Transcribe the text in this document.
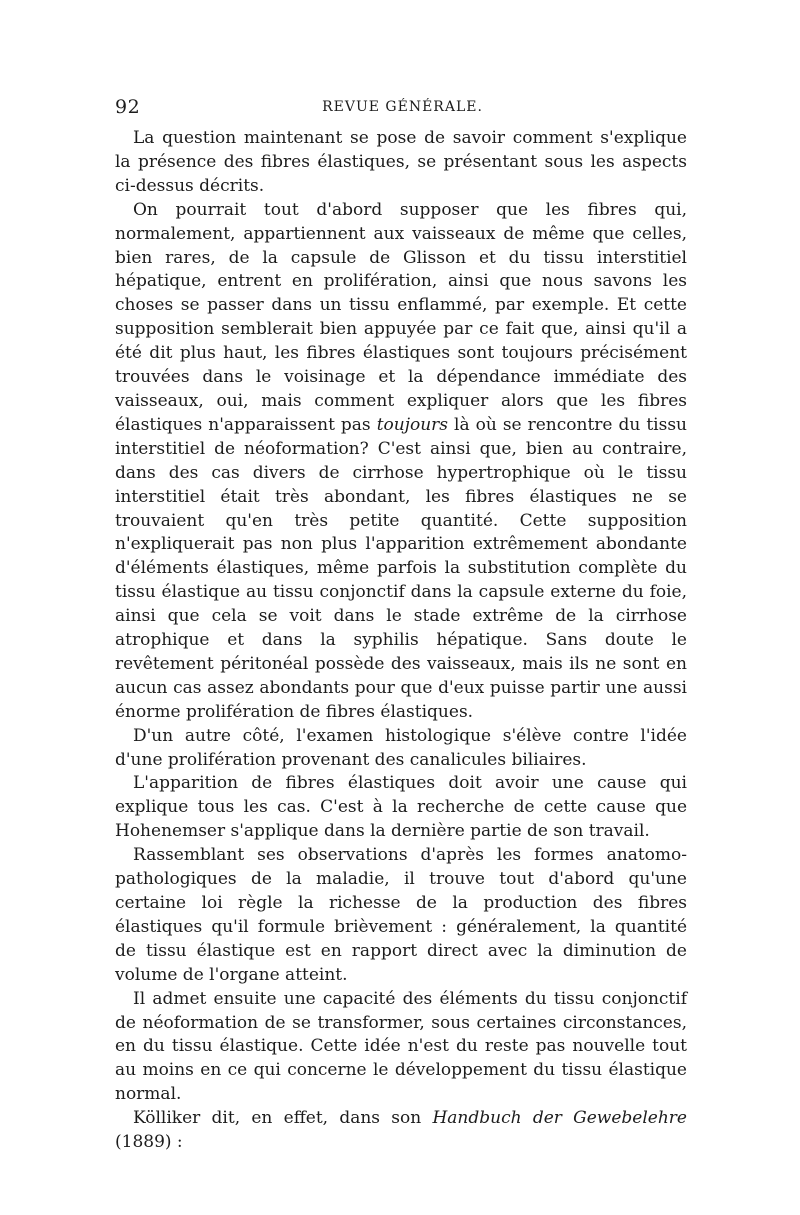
92	REVUE GÉNÉRALE.

La question maintenant se pose de savoir comment s'explique la présence des fibres élastiques, se présentant sous les aspects ci-dessus décrits.

On pourrait tout d'abord supposer que les fibres qui, normalement, appartiennent aux vaisseaux de même que celles, bien rares, de la capsule de Glisson et du tissu interstitiel hépatique, entrent en prolifération, ainsi que nous savons les choses se passer dans un tissu enflammé, par exemple. Et cette supposition semblerait bien appuyée par ce fait que, ainsi qu'il a été dit plus haut, les fibres élastiques sont toujours précisément trouvées dans le voisinage et la dépendance immédiate des vaisseaux, oui, mais comment expliquer alors que les fibres élastiques n'apparaissent pas toujours là où se rencontre du tissu interstitiel de néoformation? C'est ainsi que, bien au contraire, dans des cas divers de cirrhose hypertrophique où le tissu interstitiel était très abondant, les fibres élastiques ne se trouvaient qu'en très petite quantité. Cette supposition n'expliquerait pas non plus l'apparition extrêmement abondante d'éléments élastiques, même parfois la substitution complète du tissu élastique au tissu conjonctif dans la capsule externe du foie, ainsi que cela se voit dans le stade extrême de la cirrhose atrophique et dans la syphilis hépatique. Sans doute le revêtement péritonéal possède des vaisseaux, mais ils ne sont en aucun cas assez abondants pour que d'eux puisse partir une aussi énorme prolifération de fibres élastiques.

D'un autre côté, l'examen histologique s'élève contre l'idée d'une prolifération provenant des canalicules biliaires.

L'apparition de fibres élastiques doit avoir une cause qui explique tous les cas. C'est à la recherche de cette cause que Hohenemser s'applique dans la dernière partie de son travail.

Rassemblant ses observations d'après les formes anatomo-pathologiques de la maladie, il trouve tout d'abord qu'une certaine loi règle la richesse de la production des fibres élastiques qu'il formule brièvement : généralement, la quantité de tissu élastique est en rapport direct avec la diminution de volume de l'organe atteint.

Il admet ensuite une capacité des éléments du tissu conjonctif de néoformation de se transformer, sous certaines circonstances, en du tissu élastique. Cette idée n'est du reste pas nouvelle tout au moins en ce qui concerne le développement du tissu élastique normal.

Kölliker dit, en effet, dans son Handbuch der Gewebelehre (1889) :
